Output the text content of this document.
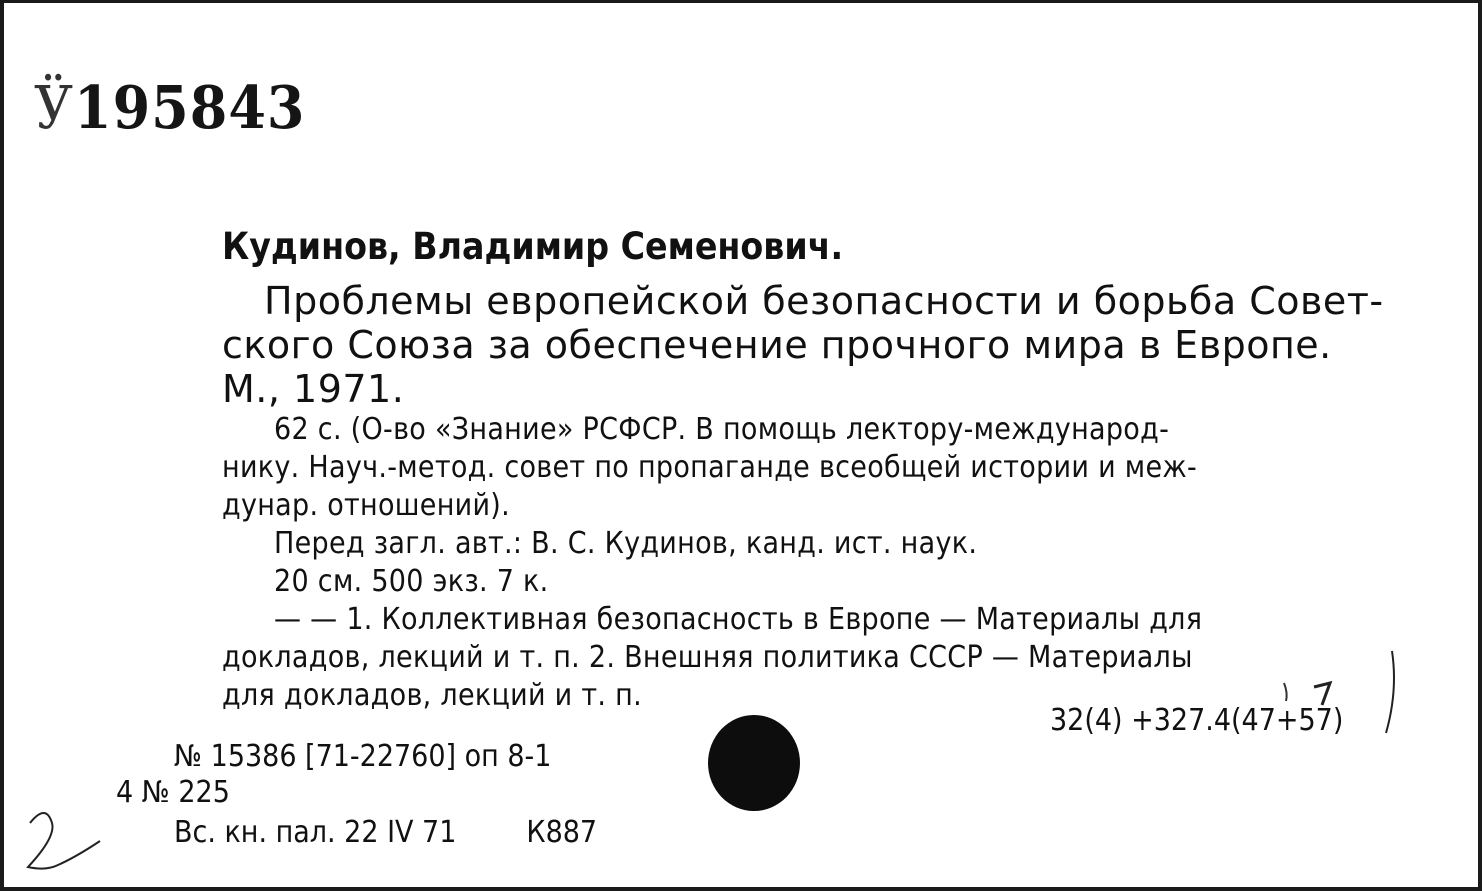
Ӱ195843
Кудинов, Владимир Семенович.
Проблемы европейской безопасности и борьба Совет-
ского Союза за обеспечение прочного мира в Европе.
М., 1971.
62 с. (О-во «Знание» РСФСР. В помощь лектору-международ-
нику. Науч.-метод. совет по пропаганде всеобщей истории и меж-
дунар. отношений).
Перед загл. авт.: В. С. Кудинов, канд. ист. наук.
20 см. 500 экз. 7 к.
— — 1. Коллективная безопасность в Европе — Материалы для
докладов, лекций и т. п. 2. Внешняя политика СССР — Материалы
для докладов, лекций и т. п.
32(4) +327.4(47+57)
№ 15386 [71-22760] оп 8-1
4 № 225
Вс. кн. пал. 22 IV 71 К887
